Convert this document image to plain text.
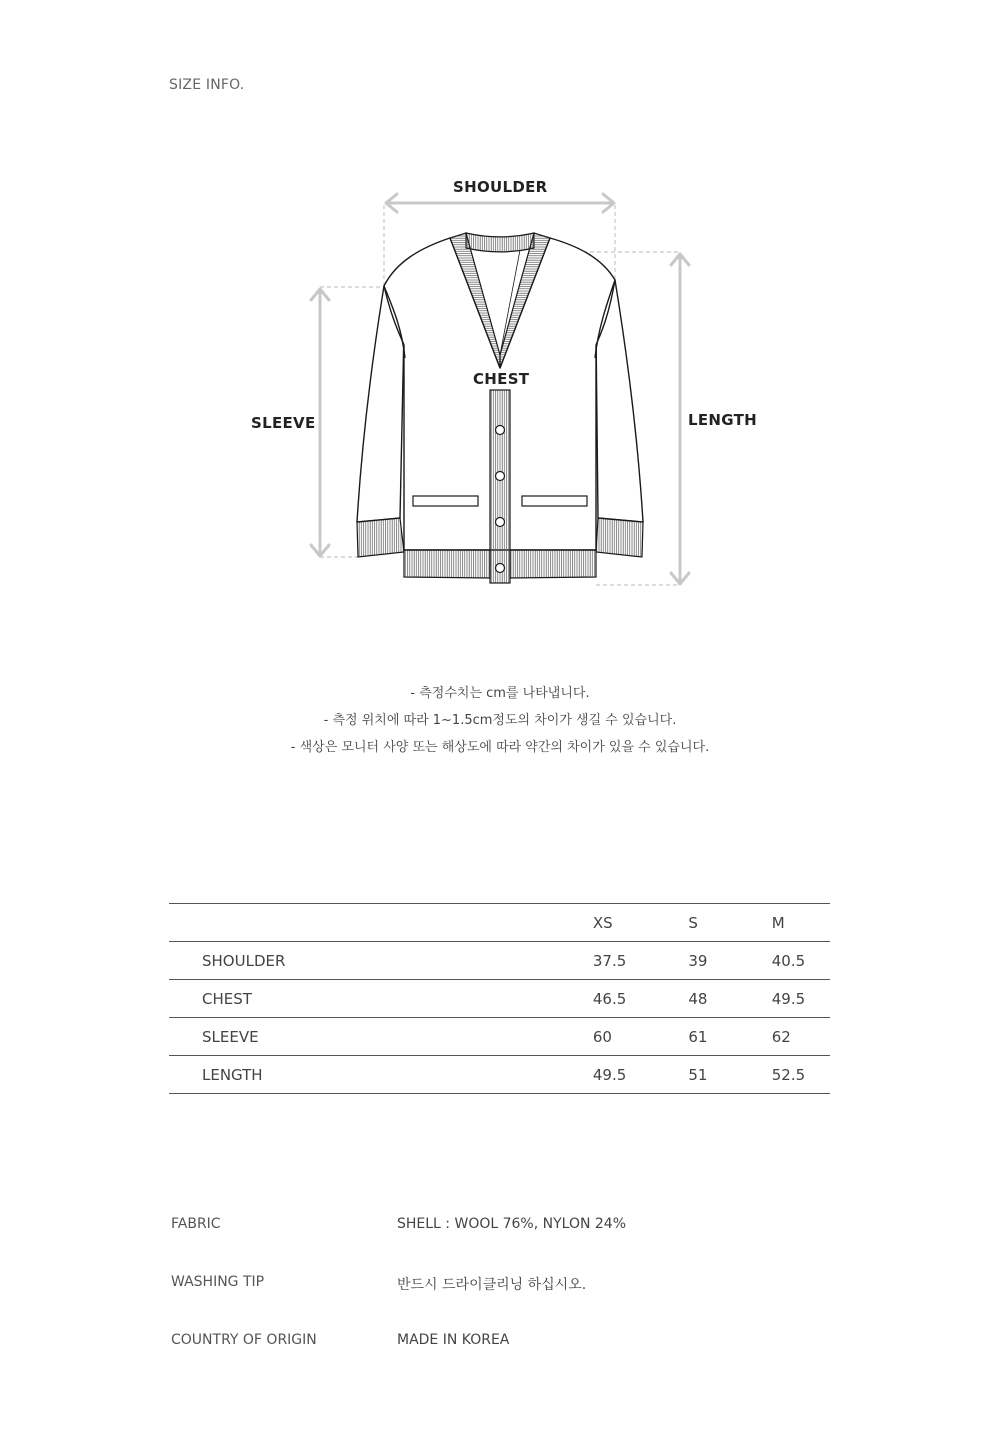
SIZE INFO.
SHOULDER
CHEST
SLEEVE	LENGTH
- 측정수치는 cm를 나타냅니다.
- 측정 위치에 따라 1~1.5cm정도의 차이가 생길 수 있습니다.
- 색상은 모니터 사양 또는 해상도에 따라 약간의 차이가 있을 수 있습니다.
	XS	S	M
SHOULDER	37.5	39	40.5
CHEST	46.5	48	49.5
SLEEVE	60	61	62
LENGTH	49.5	51	52.5
FABRIC	SHELL : WOOL 76%, NYLON 24%
WASHING TIP	반드시 드라이클리닝 하십시오.
COUNTRY OF ORIGIN	MADE IN KOREA
